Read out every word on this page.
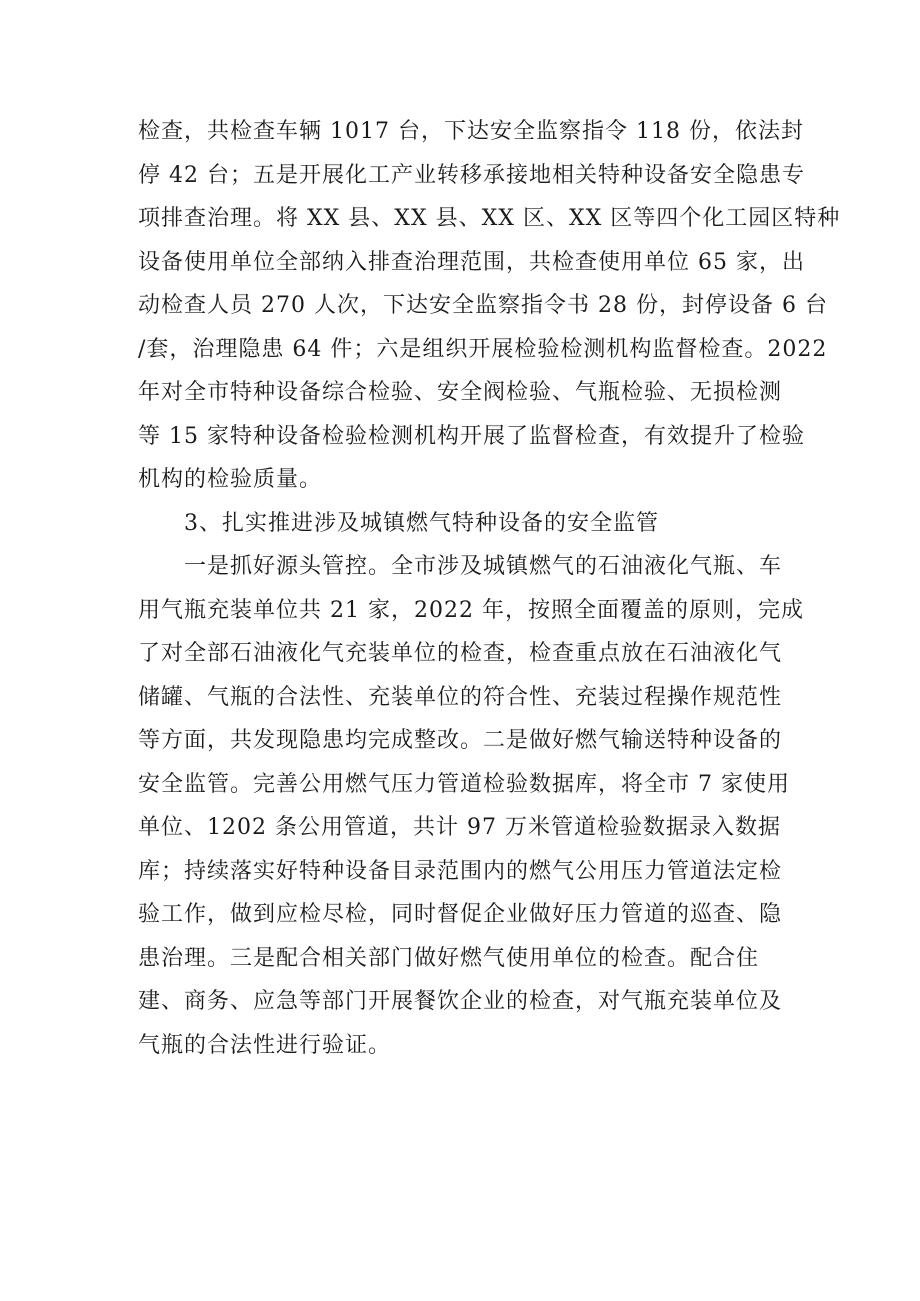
检查，共检查车辆 1017 台，下达安全监察指令 118 份，依法封
停 42 台；五是开展化工产业转移承接地相关特种设备安全隐患专
项排查治理。将 XX 县、XX 县、XX 区、XX 区等四个化工园区特种
设备使用单位全部纳入排查治理范围，共检查使用单位 65 家，出
动检查人员 270 人次，下达安全监察指令书 28 份，封停设备 6 台
/套，治理隐患 64 件；六是组织开展检验检测机构监督检查。2022
年对全市特种设备综合检验、安全阀检验、气瓶检验、无损检测
等 15 家特种设备检验检测机构开展了监督检查，有效提升了检验
机构的检验质量。
3、扎实推进涉及城镇燃气特种设备的安全监管
一是抓好源头管控。全市涉及城镇燃气的石油液化气瓶、车
用气瓶充装单位共 21 家，2022 年，按照全面覆盖的原则，完成
了对全部石油液化气充装单位的检查，检查重点放在石油液化气
储罐、气瓶的合法性、充装单位的符合性、充装过程操作规范性
等方面，共发现隐患均完成整改。二是做好燃气输送特种设备的
安全监管。完善公用燃气压力管道检验数据库，将全市 7 家使用
单位、1202 条公用管道，共计 97 万米管道检验数据录入数据
库；持续落实好特种设备目录范围内的燃气公用压力管道法定检
验工作，做到应检尽检，同时督促企业做好压力管道的巡查、隐
患治理。三是配合相关部门做好燃气使用单位的检查。配合住
建、商务、应急等部门开展餐饮企业的检查，对气瓶充装单位及
气瓶的合法性进行验证。
